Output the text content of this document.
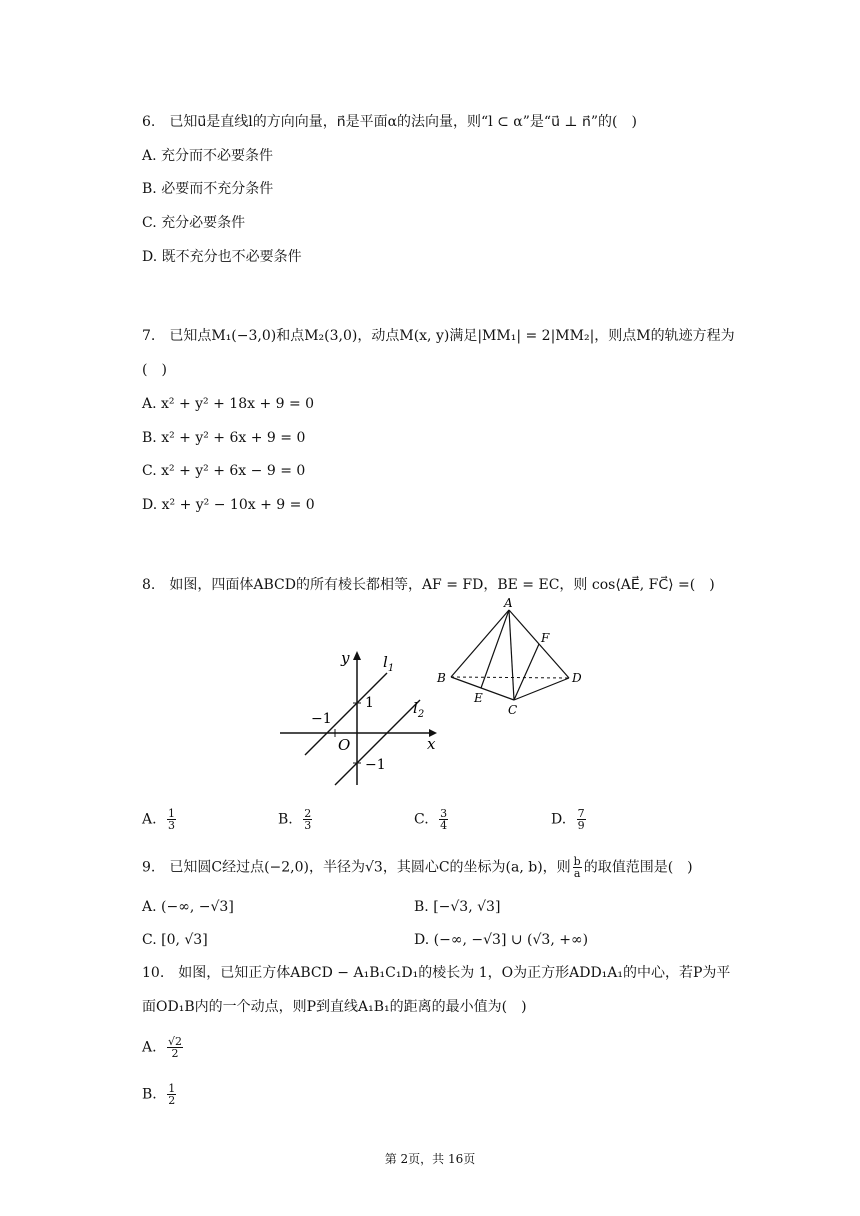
6.　已知u⃗是直线l的方向向量，n⃗是平面α的法向量，则“l ⊂ α”是“u⃗ ⊥ n⃗”的(　)
A. 充分而不必要条件
B. 必要而不充分条件
C. 充分必要条件
D. 既不充分也不必要条件
7.　已知点M₁(−3,0)和点M₂(3,0)，动点M(x, y)满足|MM₁| = 2|MM₂|，则点M的轨迹方程为
(　)
A. x² + y² + 18x + 9 = 0
B. x² + y² + 6x + 9 = 0
C. x² + y² + 6x − 9 = 0
D. x² + y² − 10x + 9 = 0
8.　如图，四面体ABCD的所有棱长都相等，AF = FD，BE = EC，则 cos⟨AE⃗, FC⃗⟩ =(　)
y
x
$l_1$
$l_2$
1
−1
−1
O
A
B
C
D
E
F
A. $\frac{1}{3}$	B. $\frac{2}{3}$	C. $\frac{3}{4}$	D. $\frac{7}{9}$
9.　已知圆C经过点(−2,0)，半径为√3，其圆心C的坐标为(a, b)，则 $\frac{b}{a}$ 的取值范围是(　)
A. (−∞, −√3]	B. [−√3, √3]
C. [0, √3]	D. (−∞, −√3] ∪ (√3, +∞)
10.　如图，已知正方体ABCD − A₁B₁C₁D₁的棱长为 1，O为正方形ADD₁A₁的中心，若P为平
面OD₁B内的一个动点，则P到直线A₁B₁的距离的最小值为(　)
A. $\frac{√2}{2}$
B. $\frac{1}{2}$
第 2页，共 16页
